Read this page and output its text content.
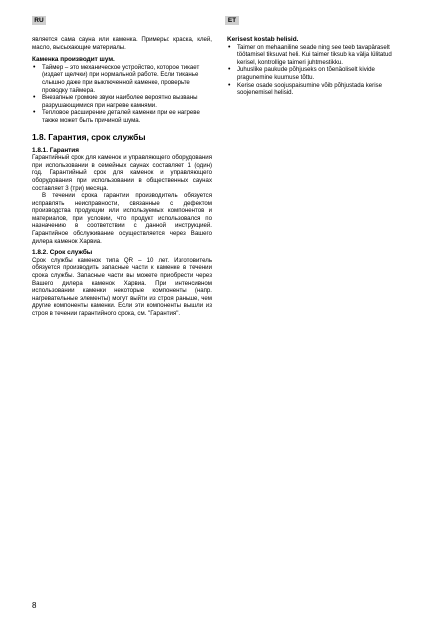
RU	ET

является сама сауна или каменка. Примеры: краска, клей, масло, высыхающие материалы.

Каменка производит шум.

• Таймер – это механическое устройство, которое тикает (издает щелчки) при нормальной работе. Если тиканье слышно даже при выключенной каменке, проверьте проводку таймера.
• Внезапные громкие звуки наиболее вероятно вызваны разрушающимися при нагреве камнями.
• Тепловое расширение деталей каменки при ее нагреве также может быть причиной шума.

1.8. Гарантия, срок службы

1.8.1. Гарантия

Гарантийный срок для каменок и управляющего оборудования при использовании в семейных саунах составляет 1 (один) год. Гарантийный срок для каменок и управляющего оборудования при использовании в общественных саунах составляет 3 (три) месяца.

В течении срока гарантии производитель обязуется исправлять неисправности, связанные с дефектом производства продукции или используемых компонентов и материалов, при условии, что продукт использовался по назначению в соответствии с данной инструкцией. Гарантийное обслуживание осуществляется через Вашего дилера каменок Харвиа.

1.8.2. Срок службы

Срок службы каменок типа QR – 10 лет. Изготовитель обязуется производить запасные части к каменке в течении срока службы. Запасные части вы можете приобрести через Вашего дилера каменок Харвиа. При интенсивном использовании каменки некоторые компоненты (напр. нагревательные элементы) могут выйти из строя раньше, чем другие компоненты каменки. Если эти компоненты вышли из строя в течении гарантийного срока, см. "Гарантия".

Kerisest kostab helisid.

• Taimer on mehaaniline seade ning see teeb tavapäraselt töötamisel tiksuvat heli. Kui taimer tiksub ka välja lülitatud kerisel, kontrollige taimeri juhtmestikku.
• Juhuslike paukude põhjuseks on tõenäoliselt kivide pragunemine kuumuse tõttu.
• Kerise osade soojuspaisumine võib põhjustada kerise soojenemisel helisid.
8
